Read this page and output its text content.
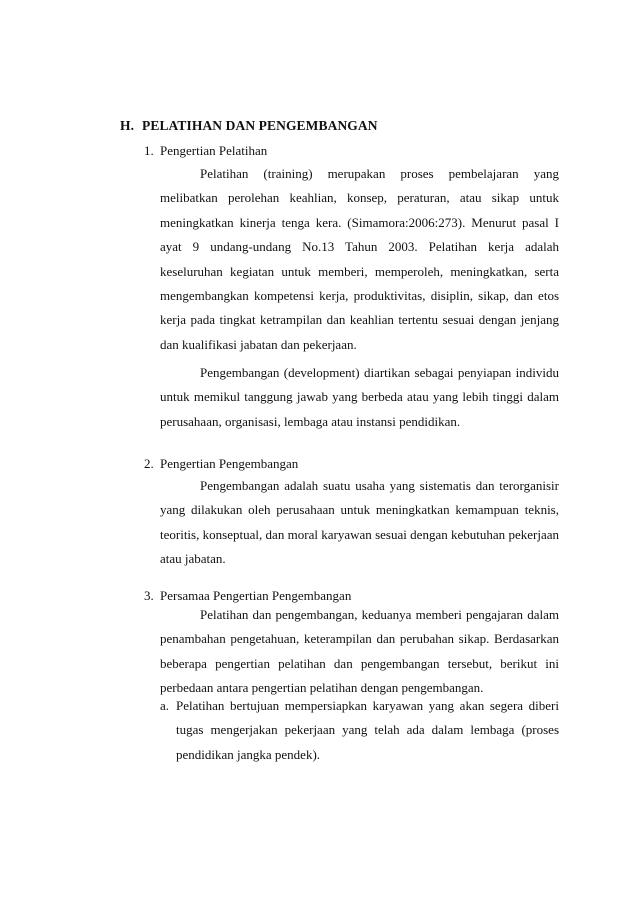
H. PELATIHAN DAN PENGEMBANGAN
1. Pengertian Pelatihan

Pelatihan (training) merupakan proses pembelajaran yang melibatkan perolehan keahlian, konsep, peraturan, atau sikap untuk meningkatkan kinerja tenga kera. (Simamora:2006:273). Menurut pasal I ayat 9 undang-undang No.13 Tahun 2003. Pelatihan kerja adalah keseluruhan kegiatan untuk memberi, memperoleh, meningkatkan, serta mengembangkan kompetensi kerja, produktivitas, disiplin, sikap, dan etos kerja pada tingkat ketrampilan dan keahlian tertentu sesuai dengan jenjang dan kualifikasi jabatan dan pekerjaan.

Pengembangan (development) diartikan sebagai penyiapan individu untuk memikul tanggung jawab yang berbeda atau yang lebih tinggi dalam perusahaan, organisasi, lembaga atau instansi pendidikan.

2. Pengertian Pengembangan

Pengembangan adalah suatu usaha yang sistematis dan terorganisir yang dilakukan oleh perusahaan untuk meningkatkan kemampuan teknis, teoritis, konseptual, dan moral karyawan sesuai dengan kebutuhan pekerjaan atau jabatan.

3. Persamaa Pengertian Pengembangan

Pelatihan dan pengembangan, keduanya memberi pengajaran dalam penambahan pengetahuan, keterampilan dan perubahan sikap. Berdasarkan beberapa pengertian pelatihan dan pengembangan tersebut, berikut ini perbedaan antara pengertian pelatihan dengan pengembangan.

a. Pelatihan bertujuan mempersiapkan karyawan yang akan segera diberi tugas mengerjakan pekerjaan yang telah ada dalam lembaga (proses pendidikan jangka pendek).
